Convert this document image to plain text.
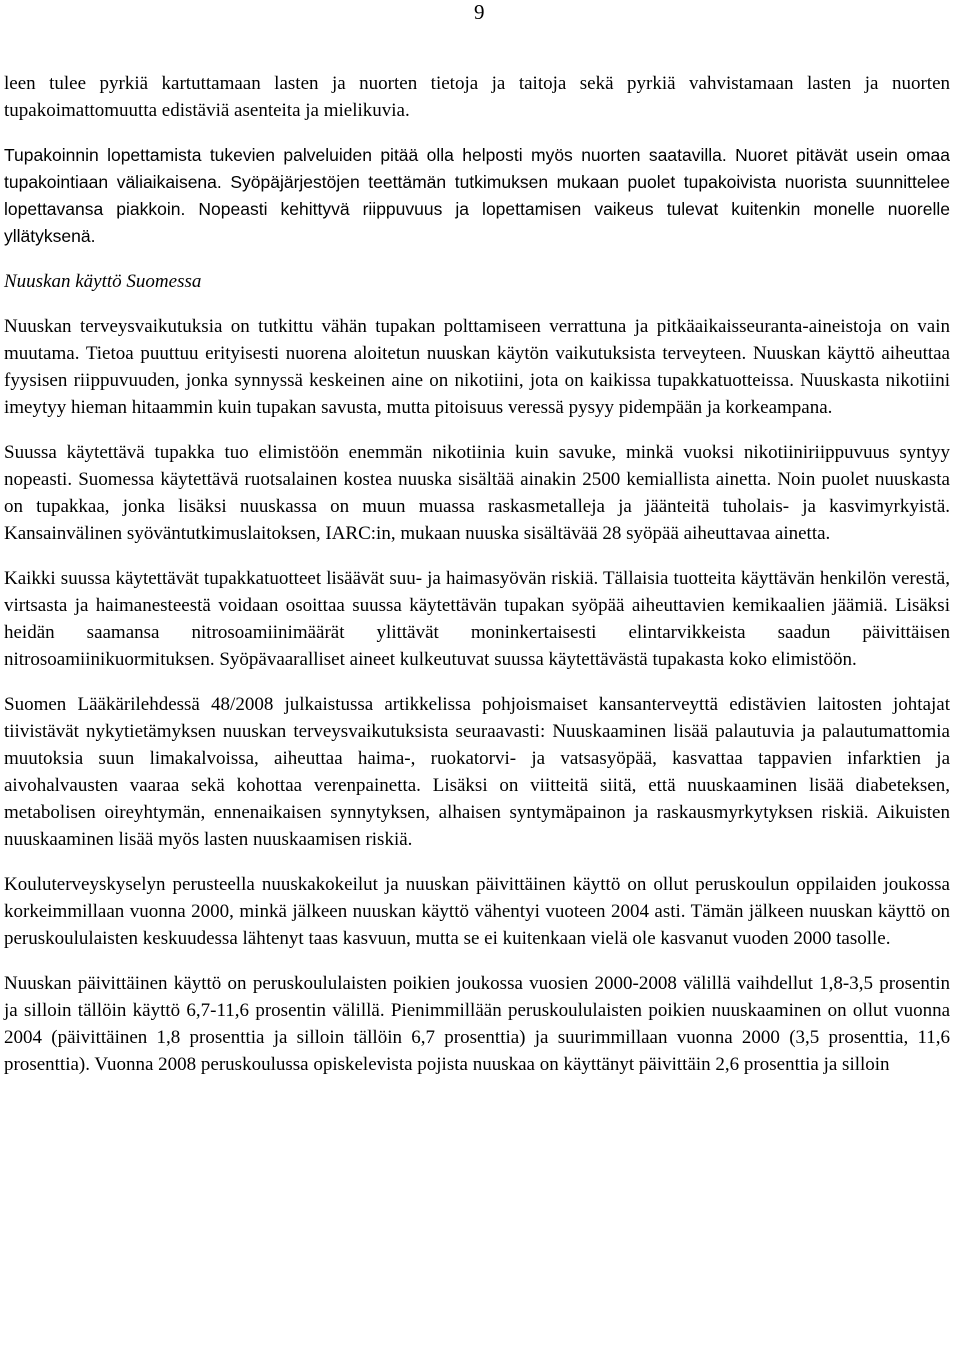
9

leen tulee pyrkiä kartuttamaan lasten ja nuorten tietoja ja taitoja sekä pyrkiä vahvistamaan lasten ja nuorten tupakoimattomuutta edistäviä asenteita ja mielikuvia.

Tupakoinnin lopettamista tukevien palveluiden pitää olla helposti myös nuorten saatavilla. Nuoret pitävät usein omaa tupakointiaan väliaikaisena. Syöpäjärjestöjen teettämän tutkimuksen mukaan puolet tupakoivista nuorista suunnittelee lopettavansa piakkoin. Nopeasti kehittyvä riippuvuus ja lopettamisen vaikeus tulevat kuitenkin monelle nuorelle yllätyksenä.

Nuuskan käyttö Suomessa

Nuuskan terveysvaikutuksia on tutkittu vähän tupakan polttamiseen verrattuna ja pitkäaikaisseuranta-aineistoja on vain muutama. Tietoa puuttuu erityisesti nuorena aloitetun nuuskan käytön vaikutuksista terveyteen. Nuuskan käyttö aiheuttaa fyysisen riippuvuuden, jonka synnyssä keskeinen aine on nikotiini, jota on kaikissa tupakkatuotteissa. Nuuskasta nikotiini imeytyy hieman hitaammin kuin tupakan savusta, mutta pitoisuus veressä pysyy pidempään ja korkeampana.

Suussa käytettävä tupakka tuo elimistöön enemmän nikotiinia kuin savuke, minkä vuoksi nikotiiniriippuvuus syntyy nopeasti. Suomessa käytettävä ruotsalainen kostea nuuska sisältää ainakin 2500 kemiallista ainetta. Noin puolet nuuskasta on tupakkaa, jonka lisäksi nuuskassa on muun muassa raskasmetalleja ja jäänteitä tuholais- ja kasvimyrkyistä. Kansainvälinen syöväntutkimuslaitoksen, IARC:in, mukaan nuuska sisältävää 28 syöpää aiheuttavaa ainetta.

Kaikki suussa käytettävät tupakkatuotteet lisäävät suu- ja haimasyövän riskiä. Tällaisia tuotteita käyttävän henkilön verestä, virtsasta ja haimanesteestä voidaan osoittaa suussa käytettävän tupakan syöpää aiheuttavien kemikaalien jäämiä. Lisäksi heidän saamansa nitrosoamiinimäärät ylittävät moninkertaisesti elintarvikkeista saadun päivittäisen nitrosoamiinikuormituksen. Syöpävaaralliset aineet kulkeutuvat suussa käytettävästä tupakasta koko elimistöön.

Suomen Lääkärilehdessä 48/2008 julkaistussa artikkelissa pohjoismaiset kansanterveyttä edistävien laitosten johtajat tiivistävät nykytietämyksen nuuskan terveysvaikutuksista seuraavasti: Nuuskaaminen lisää palautuvia ja palautumattomia muutoksia suun limakalvoissa, aiheuttaa haima-, ruokatorvi- ja vatsasyöpää, kasvattaa tappavien infarktien ja aivohalvausten vaaraa sekä kohottaa verenpainetta. Lisäksi on viitteitä siitä, että nuuskaaminen lisää diabeteksen, metabolisen oireyhtymän, ennenaikaisen synnytyksen, alhaisen syntymäpainon ja raskausmyrkytyksen riskiä. Aikuisten nuuskaaminen lisää myös lasten nuuskaamisen riskiä.

Kouluterveyskyselyn perusteella nuuskakokeilut ja nuuskan päivittäinen käyttö on ollut peruskoulun oppilaiden joukossa korkeimmillaan vuonna 2000, minkä jälkeen nuuskan käyttö vähentyi vuoteen 2004 asti. Tämän jälkeen nuuskan käyttö on peruskoululaisten keskuudessa lähtenyt taas kasvuun, mutta se ei kuitenkaan vielä ole kasvanut vuoden 2000 tasolle.

Nuuskan päivittäinen käyttö on peruskoululaisten poikien joukossa vuosien 2000-2008 välillä vaihdellut 1,8-3,5 prosentin ja silloin tällöin käyttö 6,7-11,6 prosentin välillä. Pienimmillään peruskoululaisten poikien nuuskaaminen on ollut vuonna 2004 (päivittäinen 1,8 prosenttia ja silloin tällöin 6,7 prosenttia) ja suurimmillaan vuonna 2000 (3,5 prosenttia, 11,6 prosenttia). Vuonna 2008 peruskoulussa opiskelevista pojista nuuskaa on käyttänyt päivittäin 2,6 prosenttia ja silloin
